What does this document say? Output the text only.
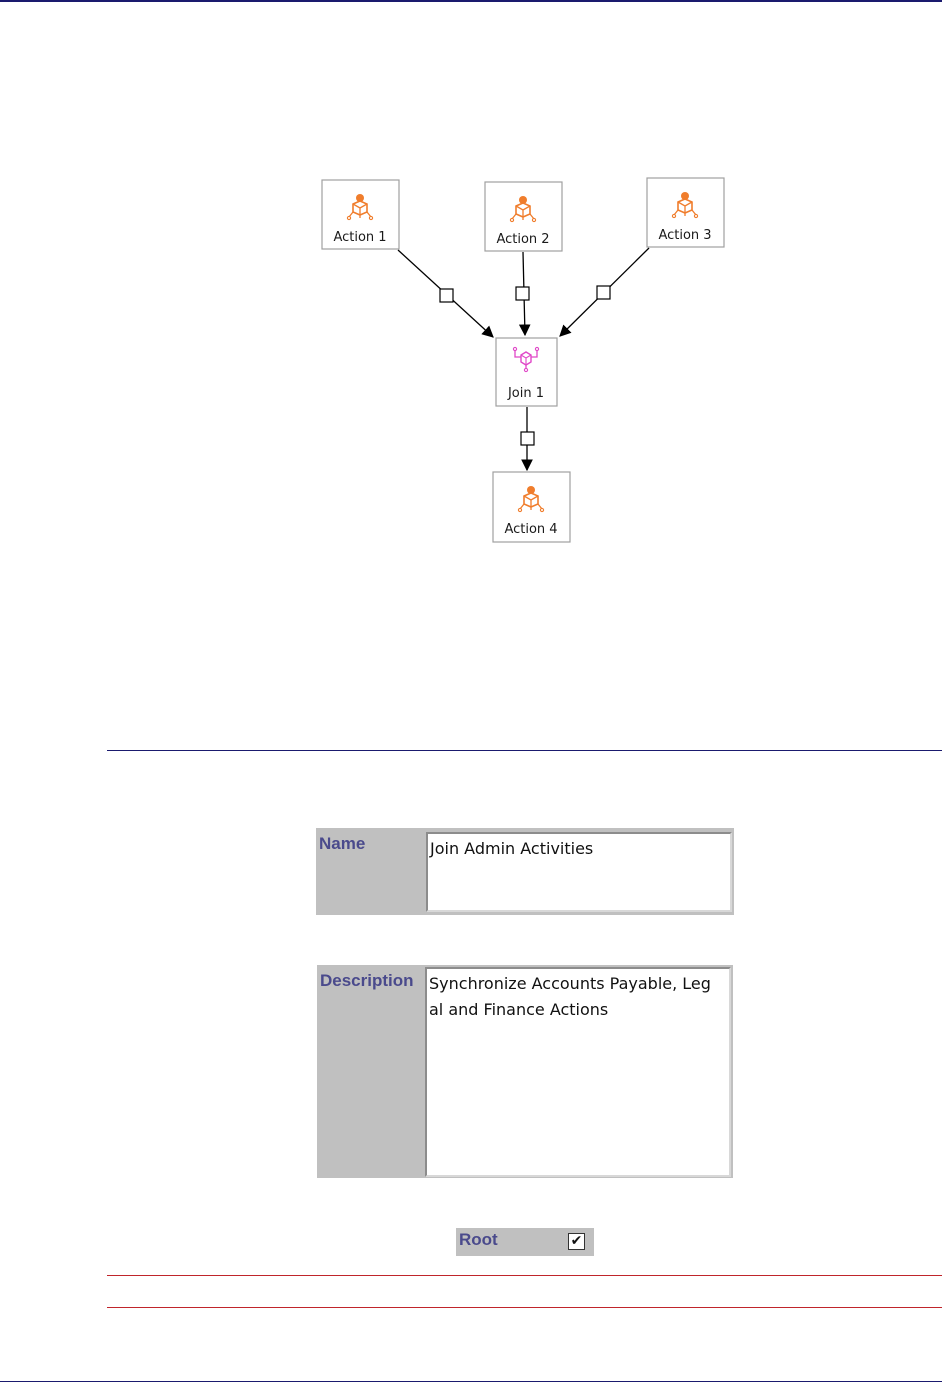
Action 1	Action 2	Action 3
Join 1
Action 4
Name	Join Admin Activities
Description Synchronize Accounts Payable, Leg
al and Finance Actions
Root	✔
